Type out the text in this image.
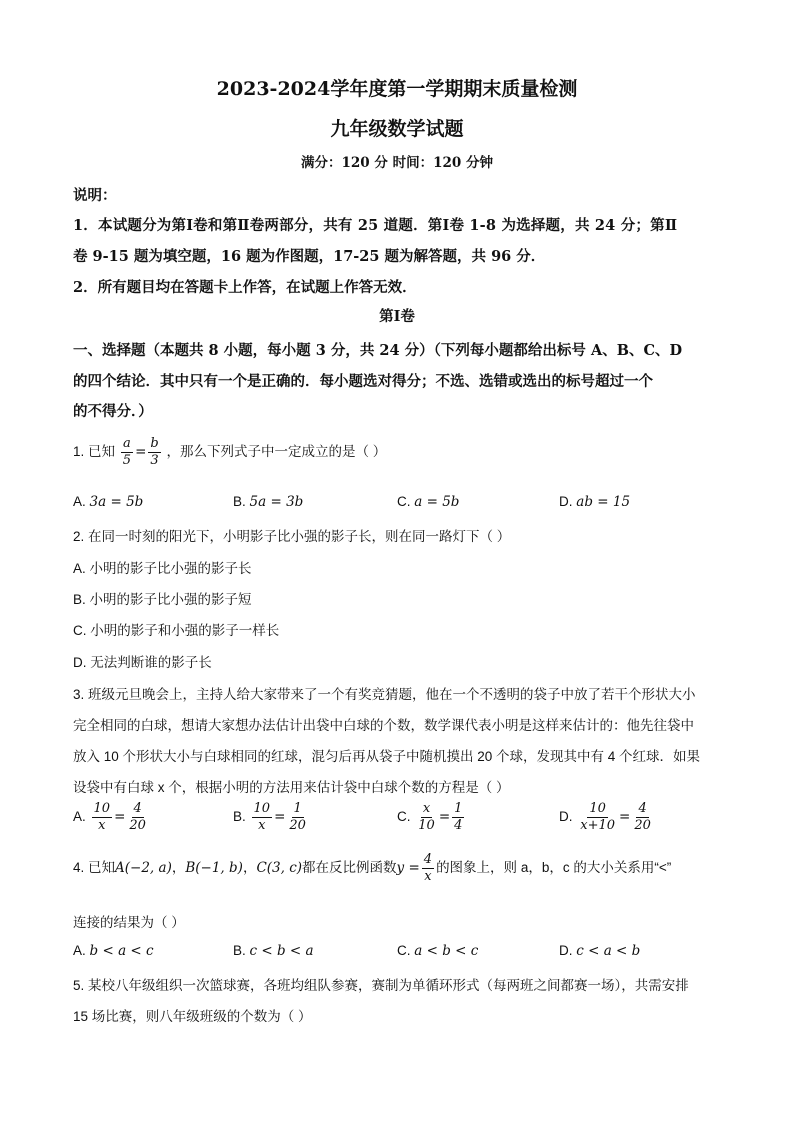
2023-2024学年度第一学期期末质量检测
九年级数学试题
满分：120 分 时间：120 分钟
说明：
1．本试题分为第Ⅰ卷和第Ⅱ卷两部分，共有 25 道题．第Ⅰ卷 1-8 为选择题，共 24 分；第Ⅱ
卷 9-15 题为填空题，16 题为作图题，17-25 题为解答题，共 96 分．
2．所有题目均在答题卡上作答，在试题上作答无效．
第Ⅰ卷
一、选择题（本题共 8 小题，每小题 3 分，共 24 分）（下列每小题都给出标号 A、B、C、D
的四个结论．其中只有一个是正确的．每小题选对得分；不选、选错或选出的标号超过一个
的不得分．）
1. 已知 $\frac{a}{5} = \frac{b}{3}$ ，那么下列式子中一定成立的是（ ）
A. 3a = 5b	B. 5a = 3b	C. a = 5b	D. ab = 15
2. 在同一时刻的阳光下，小明影子比小强的影子长，则在同一路灯下（ ）
A. 小明的影子比小强的影子长
B. 小明的影子比小强的影子短
C. 小明的影子和小强的影子一样长
D. 无法判断谁的影子长
3. 班级元旦晚会上，主持人给大家带来了一个有奖竞猜题，他在一个不透明的袋子中放了若干个形状大小
完全相同的白球，想请大家想办法估计出袋中白球的个数，数学课代表小明是这样来估计的：他先往袋中
放入 10 个形状大小与白球相同的红球，混匀后再从袋子中随机摸出 20 个球，发现其中有 4 个红球．如果
设袋中有白球 x 个，根据小明的方法用来估计袋中白球个数的方程是（ ）
A. $\frac{10}{x} = \frac{4}{20}$	B. $\frac{10}{x} = \frac{1}{20}$	C. $\frac{x}{10} = \frac{1}{4}$	D. $\frac{10}{x+10} = \frac{4}{20}$
4. 已知A(−2, a)，B(−1, b)，C(3, c)都在反比例函数$y = \frac{4}{x}$ 的图象上，则 a，b，c 的大小关系用“<”
连接的结果为（ ）
A. b < a < c	B. c < b < a	C. a < b < c	D. c < a < b
5. 某校八年级组织一次篮球赛，各班均组队参赛，赛制为单循环形式（每两班之间都赛一场），共需安排
15 场比赛，则八年级班级的个数为（ ）
